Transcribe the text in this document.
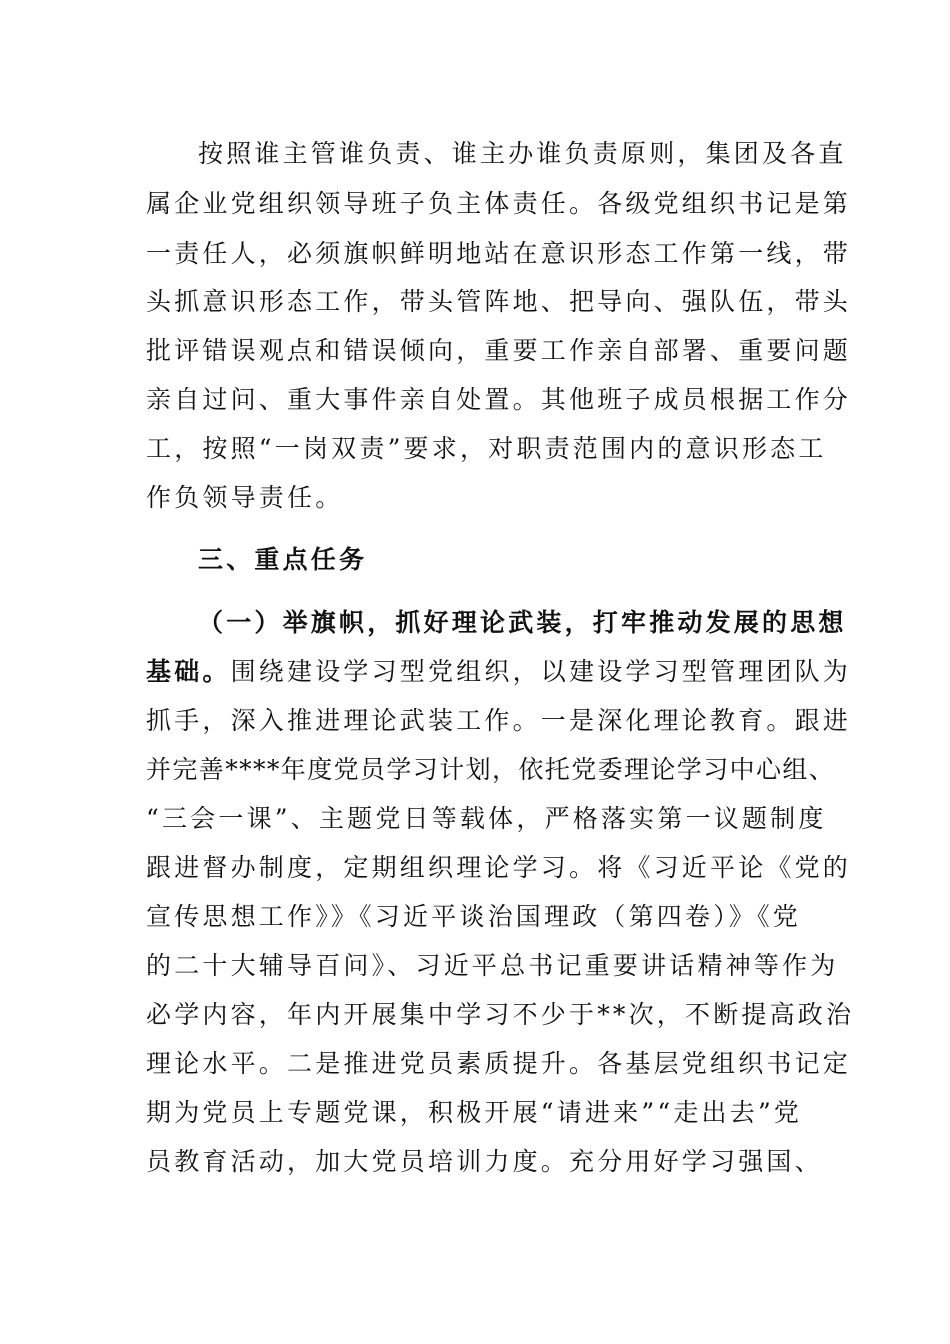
按照谁主管谁负责、谁主办谁负责原则，集团及各直
属企业党组织领导班子负主体责任。各级党组织书记是第
一责任人，必须旗帜鲜明地站在意识形态工作第一线，带
头抓意识形态工作，带头管阵地、把导向、强队伍，带头
批评错误观点和错误倾向，重要工作亲自部署、重要问题
亲自过问、重大事件亲自处置。其他班子成员根据工作分
工，按照“一岗双责”要求，对职责范围内的意识形态工
作负领导责任。
三、重点任务
（一）举旗帜，抓好理论武装，打牢推动发展的思想
基础。围绕建设学习型党组织，以建设学习型管理团队为
抓手，深入推进理论武装工作。一是深化理论教育。跟进
并完善****年度党员学习计划，依托党委理论学习中心组、
“三会一课”、主题党日等载体，严格落实第一议题制度
跟进督办制度，定期组织理论学习。将《习近平论《党的
宣传思想工作》》《习近平谈治国理政（第四卷）》《党
的二十大辅导百问》、习近平总书记重要讲话精神等作为
必学内容，年内开展集中学习不少于**次，不断提高政治
理论水平。二是推进党员素质提升。各基层党组织书记定
期为党员上专题党课，积极开展“请进来”“走出去”党
员教育活动，加大党员培训力度。充分用好学习强国、
